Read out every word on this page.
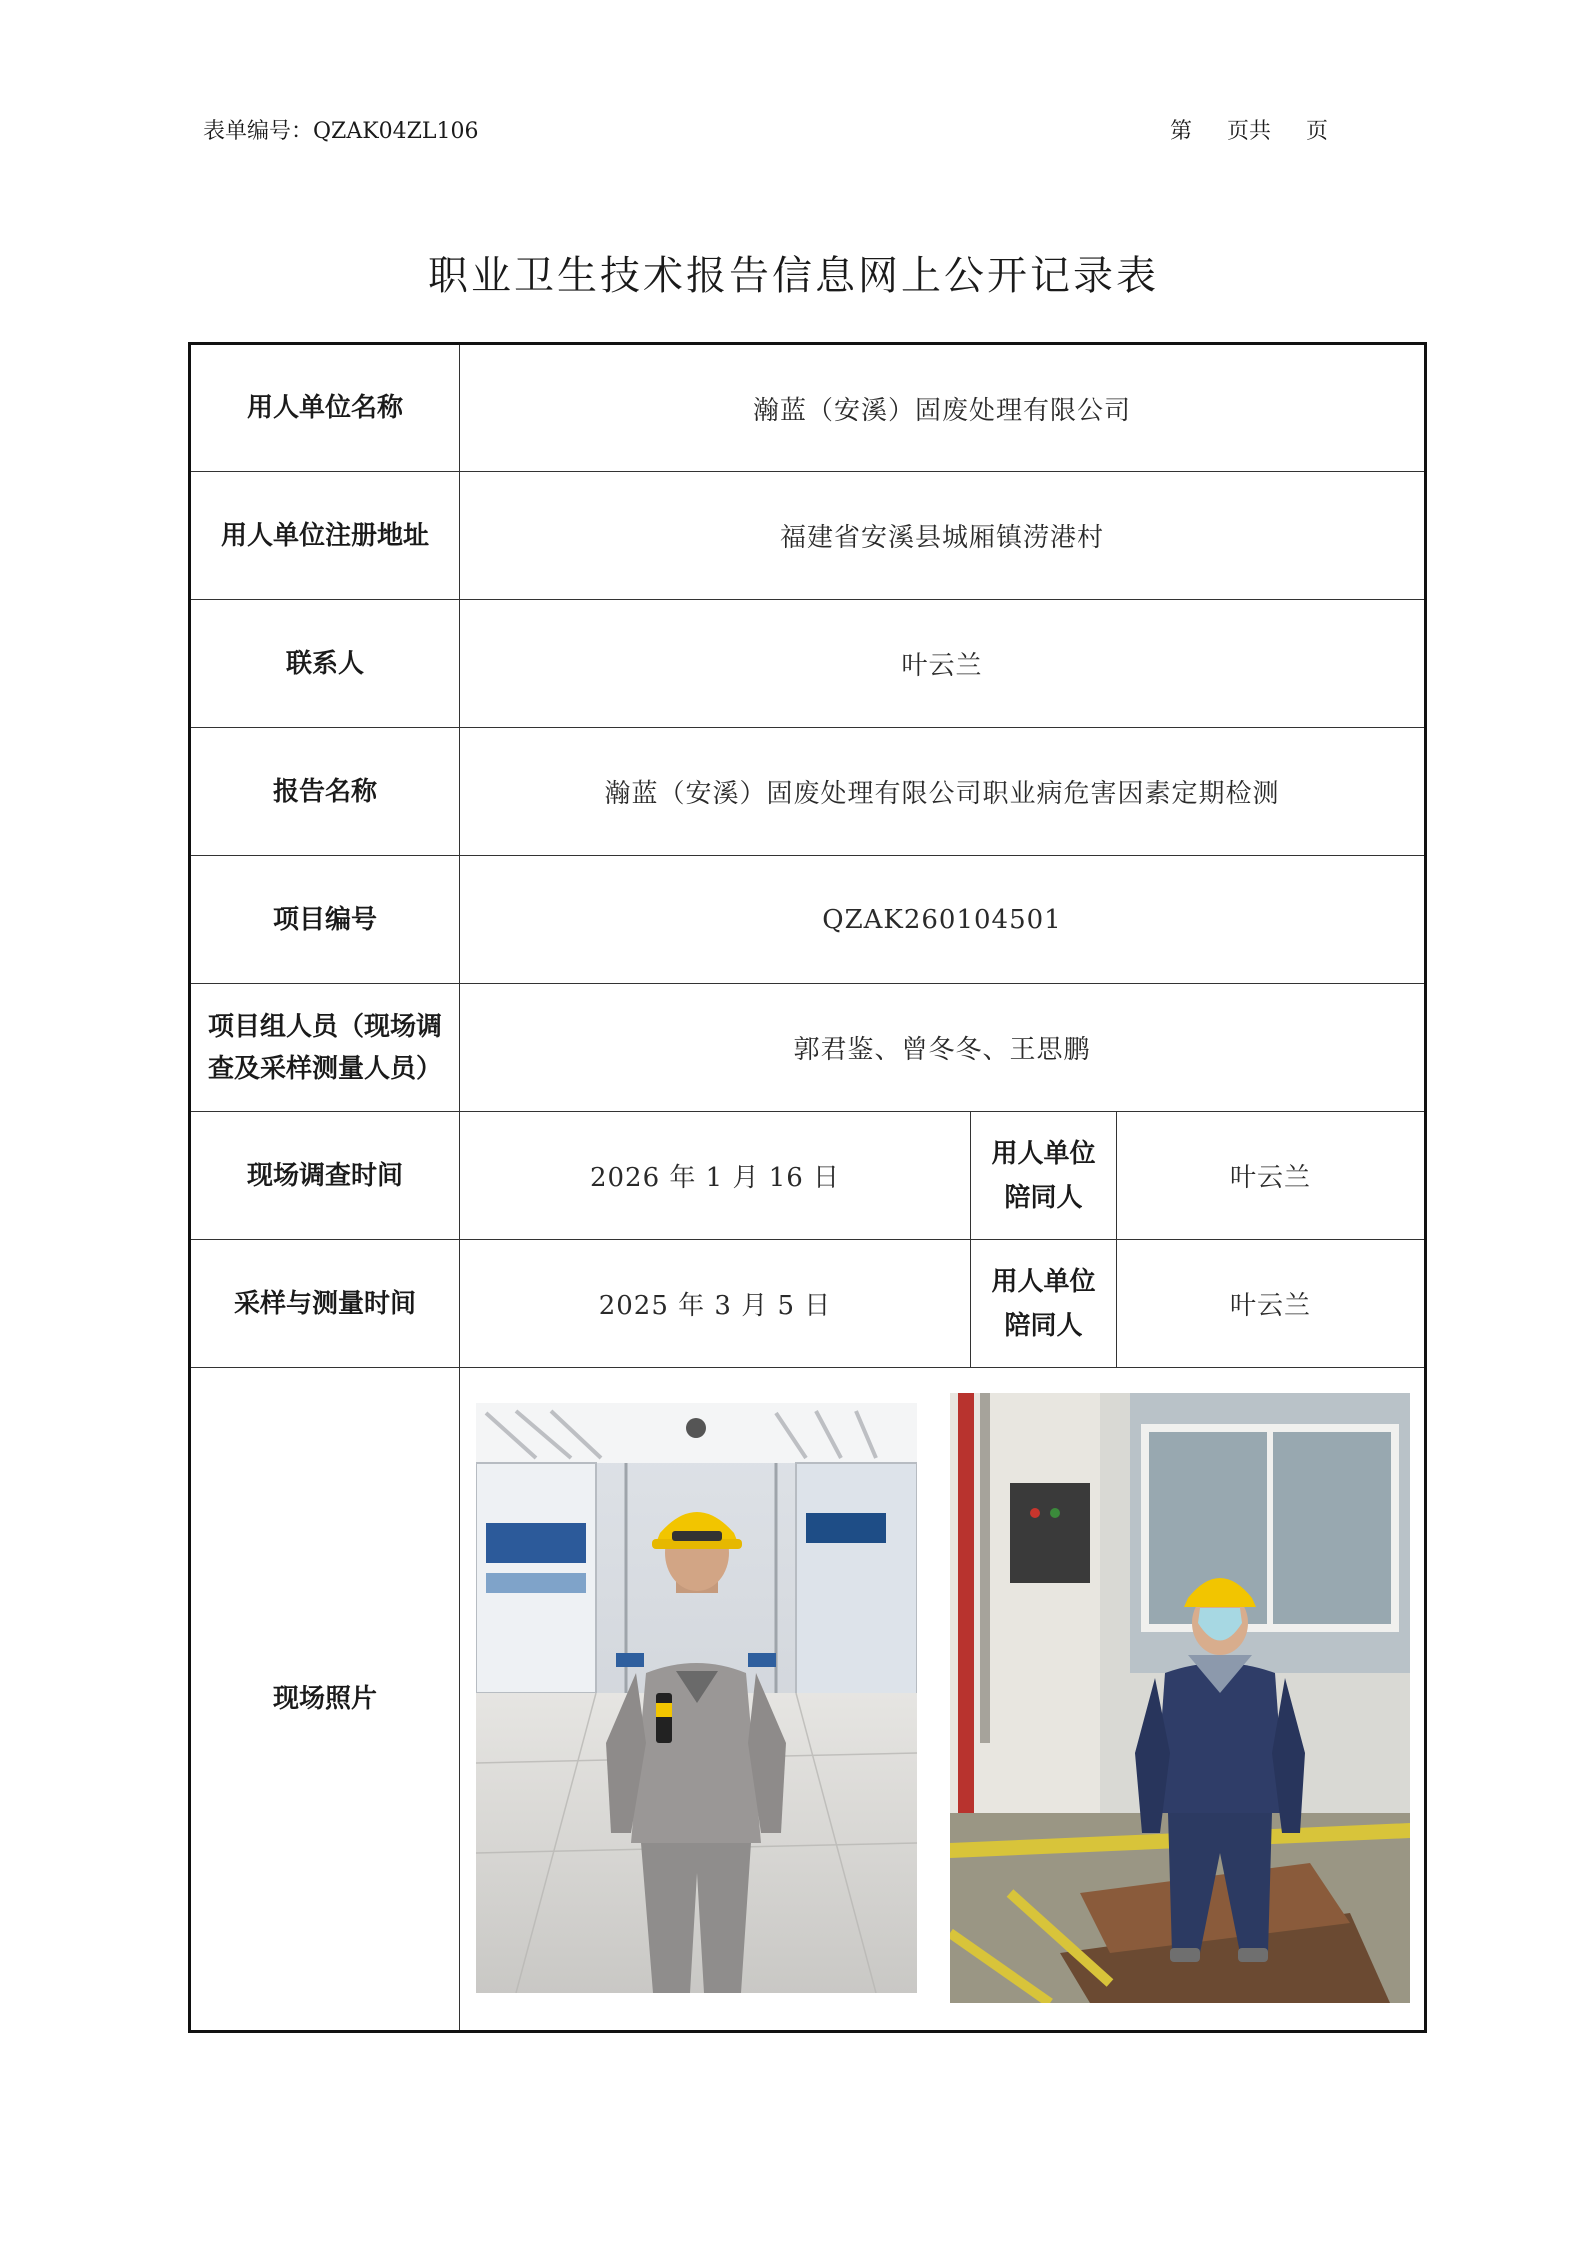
表单编号：QZAK04ZL106	第 页共 页
职业卫生技术报告信息网上公开记录表
用人单位名称	瀚蓝（安溪）固废处理有限公司		
用人单位注册地址	福建省安溪县城厢镇涝港村		
联系人	叶云兰		
报告名称	瀚蓝（安溪）固废处理有限公司职业病危害因素定期检测		
项目编号	QZAK260104501		

项目组人员（现场调
查及采样测量人员）	郭君鉴、曾冬冬、王思鹏		
现场调查时间	2026 年 1 月 16 日	用人单位
陪同人	叶云兰
采样与测量时间	2025 年 3 月 5 日	用人单位
陪同人	叶云兰
现场照片	
